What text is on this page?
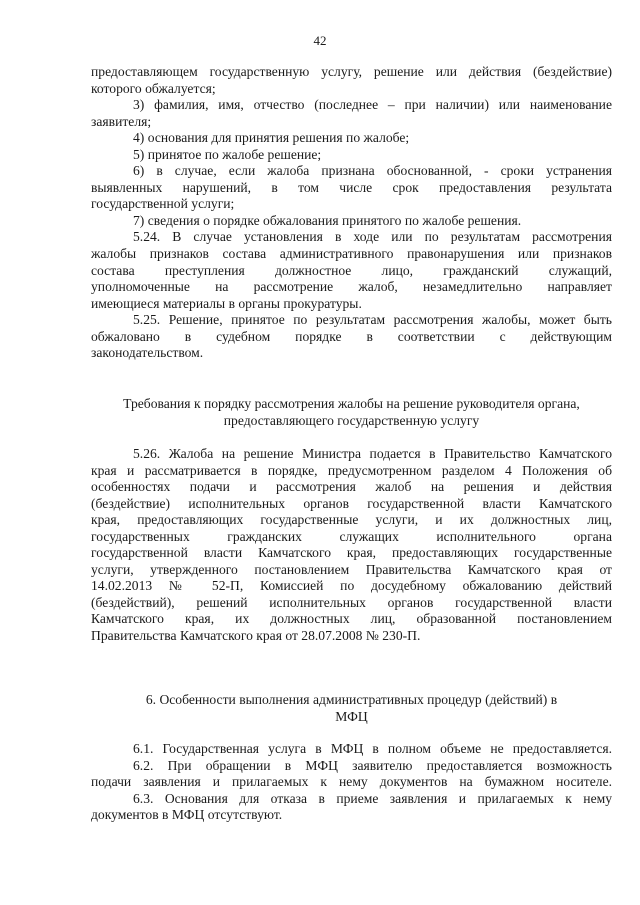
42
предоставляющем государственную услугу, решение или действия (бездействие)
которого обжалуется;
3) фамилия, имя, отчество (последнее – при наличии) или наименование
заявителя;
4) основания для принятия решения по жалобе;
5) принятое по жалобе решение;
6) в случае, если жалоба признана обоснованной, - сроки устранения
выявленных нарушений, в том числе срок предоставления результата
государственной услуги;
7) сведения о порядке обжалования принятого по жалобе решения.
5.24. В случае установления в ходе или по результатам рассмотрения
жалобы признаков состава административного правонарушения или признаков
состава преступления должностное лицо, гражданский служащий,
уполномоченные на рассмотрение жалоб, незамедлительно направляет
имеющиеся материалы в органы прокуратуры.
5.25. Решение, принятое по результатам рассмотрения жалобы, может быть
обжаловано в судебном порядке в соответствии с действующим
законодательством.
Требования к порядку рассмотрения жалобы на решение руководителя органа,
предоставляющего государственную услугу
5.26. Жалоба на решение Министра подается в Правительство Камчатского
края и рассматривается в порядке, предусмотренном разделом 4 Положения об
особенностях подачи и рассмотрения жалоб на решения и действия
(бездействие) исполнительных органов государственной власти Камчатского
края, предоставляющих государственные услуги, и их должностных лиц,
государственных гражданских служащих исполнительного органа
государственной власти Камчатского края, предоставляющих государственные
услуги, утвержденного постановлением Правительства Камчатского края от
14.02.2013 № 52-П, Комиссией по досудебному обжалованию действий
(бездействий), решений исполнительных органов государственной власти
Камчатского края, их должностных лиц, образованной постановлением
Правительства Камчатского края от 28.07.2008 № 230-П.
6. Особенности выполнения административных процедур (действий) в
МФЦ
6.1. Государственная услуга в МФЦ в полном объеме не предоставляется.
6.2. При обращении в МФЦ заявителю предоставляется возможность
подачи заявления и прилагаемых к нему документов на бумажном носителе.
6.3. Основания для отказа в приеме заявления и прилагаемых к нему
документов в МФЦ отсутствуют.
